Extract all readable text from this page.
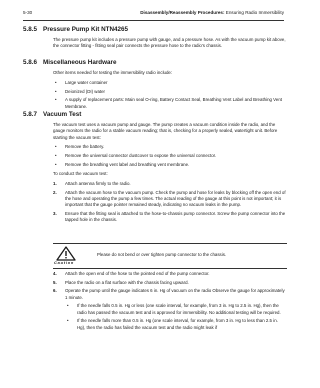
5-30	Disassembly/Reassembly Procedures: Ensuring Radio Immersibility
5.8.5 Pressure Pump Kit NTN4265

The pressure pump kit includes a pressure pump with gauge, and a pressure hose. As with the vacuum pump kit above, the connector fitting - fitting seal pair connects the pressure hose to the radio's chassis.

5.8.6 Miscellaneous Hardware

Other items needed for testing the immersibility radio include:

• Large water container
• Deionized (DI) water
• A supply of replacement parts: Main seal O-ring, Battery Contact Seal, Breathing Vent Label and Breathing Vent Membrane.
5.8.7 Vacuum Test

The vacuum test uses a vacuum pump and gauge. The pump creates a vacuum condition inside the radio, and the gauge monitors the radio for a stable vacuum reading; that is, checking for a properly sealed, watertight unit. Before starting the vacuum test:

• Remove the battery.
• Remove the universal connector dustcover to expose the universal connector.
• Remove the breathing vent label and breathing vent membrane.

To conduct the vacuum test:

1. Attach antenna firmly to the radio.
2. Attach the vacuum hose to the vacuum pump. Check the pump and hose for leaks by blocking off the open end of the hose and operating the pump a few times. The actual reading of the gauge at this point is not important; it is important that the gauge pointer remained steady, indicating no vacuum leaks in the pump.
3. Ensure that the fitting seal is attached to the hose-to-chassis pump connector. Screw the pump connector into the tapped hole in the chassis.
Caution
Please do not bend or over tighten pump connector to the chassis.
4. Attach the open end of the hose to the pointed end of the pump connector.
5. Place the radio on a flat surface with the chassis facing upward.
6. Operate the pump until the gauge indicates 6 in. Hg of vacuum on the radio Observe the gauge for approximately 1 minute.
• If the needle falls 0.5 in. Hg or less (one scale interval, for example, from 3 in. Hg to 2.5 in. Hg), then the radio has passed the vacuum test and is approved for immersibility. No additional testing will be required.
• If the needle falls more than 0.5 in. Hg (one scale interval, for example, from 3 in. Hg to less than 2.5 in. Hg), then the radio has failed the vacuum test and the radio might leak if
